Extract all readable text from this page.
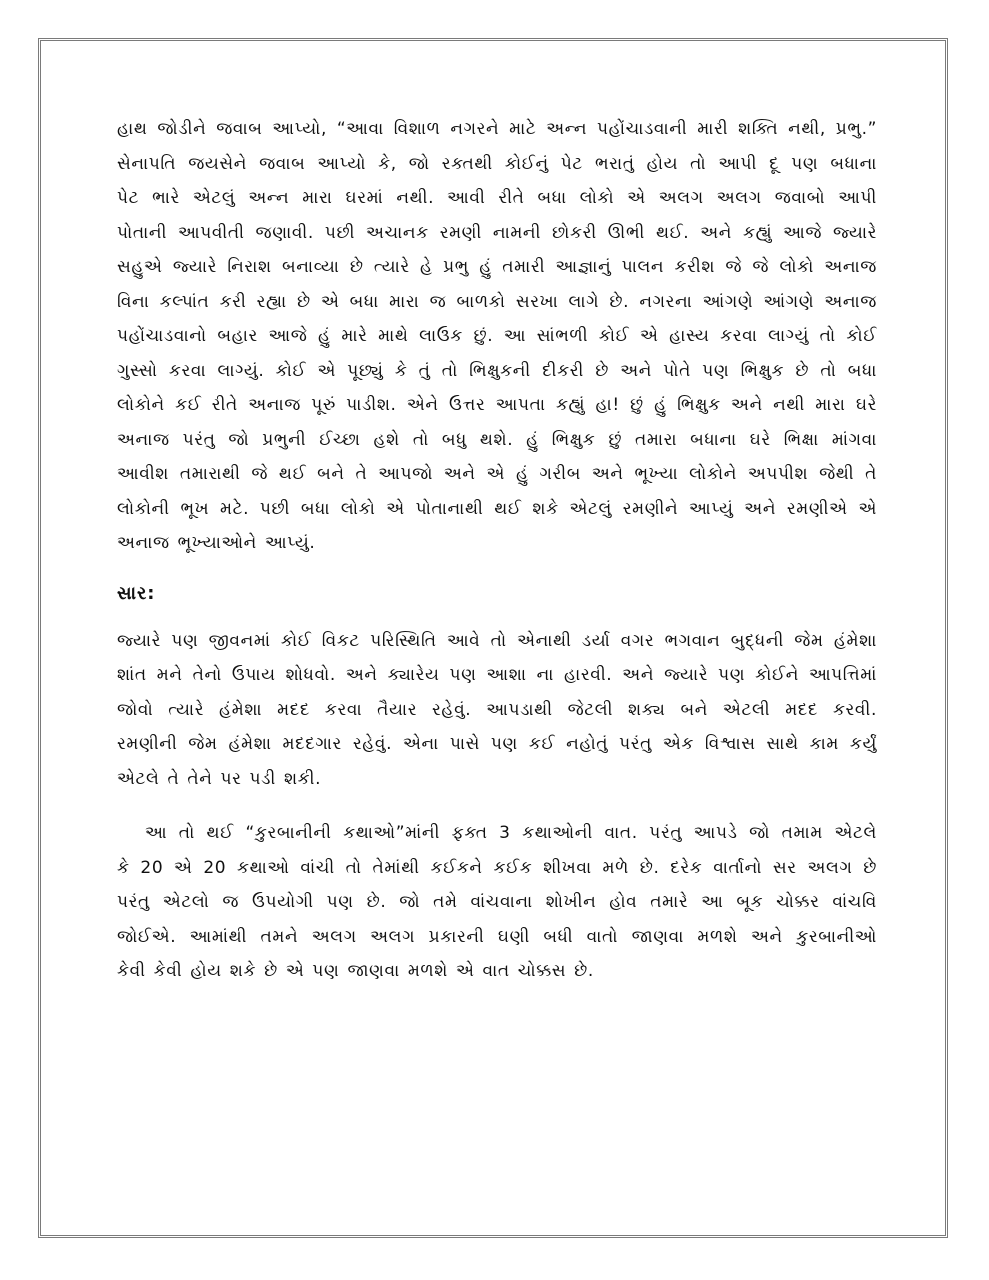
હાથ જોડીને જવાબ આપ્યો, “આવા વિશાળ નગરને માટે અન્ન પહોંચાડવાની મારી શક્તિ નથી, પ્રભુ.”
સેનાપતિ જયસેને જવાબ આપ્યો કે, જો રક્તથી કોઈનું પેટ ભરાતું હોય તો આપી દૂ પણ બધાના
પેટ ભારે એટલું અન્ન મારા ઘરમાં નથી. આવી રીતે બધા લોકો એ અલગ અલગ જવાબો આપી
પોતાની આપવીતી જણાવી. પછી અચાનક રમણી નામની છોકરી ઊભી થઈ. અને કહ્યું આજે જ્યારે
સહુએ જ્યારે નિરાશ બનાવ્યા છે ત્યારે હે પ્રભુ હું તમારી આજ્ઞાનું પાલન કરીશ જે જે લોકો અનાજ
વિના કલ્પાંત કરી રહ્યા છે એ બધા મારા જ બાળકો સરખા લાગે છે. નગરના આંગણે આંગણે અનાજ
પહોંચાડવાનો બહાર આજે હું મારે માથે લાઉક છું. આ સાંભળી કોઈ એ હાસ્ય કરવા લાગ્યું તો કોઈ
ગુસ્સો કરવા લાગ્યું. કોઈ એ પૂછ્યું કે તું તો ભિક્ષુકની દીકરી છે અને પોતે પણ ભિક્ષુક છે તો બધા
લોકોને કઈ રીતે અનાજ પૂરું પાડીશ. એને ઉત્તર આપતા કહ્યું હા! છું હું ભિક્ષુક અને નથી મારા ઘરે
અનાજ પરંતુ જો પ્રભુની ઈચ્છા હશે તો બધુ થશે. હું ભિક્ષુક છું તમારા બધાના ઘરે ભિક્ષા માંગવા
આવીશ તમારાથી જે થઈ બને તે આપજો અને એ હું ગરીબ અને ભૂખ્યા લોકોને અપપીશ જેથી તે
લોકોની ભૂખ મટે. પછી બધા લોકો એ પોતાનાથી થઈ શકે એટલું રમણીને આપ્યું અને રમણીએ એ
અનાજ ભૂખ્યાઓને આપ્યું.

સાર:

જ્યારે પણ જીવનમાં કોઈ વિકટ પરિસ્થિતિ આવે તો એનાથી ડર્યા વગર ભગવાન બુદ્ધની જેમ હંમેશા
શાંત મને તેનો ઉપાય શોધવો. અને ક્યારેય પણ આશા ના હારવી. અને જ્યારે પણ કોઈને આપત્તિમાં
જોવો ત્યારે હંમેશા મદદ કરવા તૈયાર રહેવું. આપડાથી જેટલી શક્ય બને એટલી મદદ કરવી.
રમણીની જેમ હંમેશા મદદગાર રહેવું. એના પાસે પણ કઈ નહોતું પરંતુ એક વિશ્વાસ સાથે કામ કર્યું
એટલે તે તેને પર પડી શકી.

આ તો થઈ “કુરબાનીની કથાઓ”માંની ફક્ત 3 કથાઓની વાત. પરંતુ આપડે જો તમામ એટલે
કે 20 એ 20 કથાઓ વાંચી તો તેમાંથી કઈકને કઈક શીખવા મળે છે. દરેક વાર્તાનો સર અલગ છે
પરંતુ એટલો જ ઉપયોગી પણ છે. જો તમે વાંચવાના શોખીન હોવ તમારે આ બૂક ચોક્કર વાંચવિ
જોઈએ. આમાંથી તમને અલગ અલગ પ્રકારની ઘણી બધી વાતો જાણવા મળશે અને કુરબાનીઓ
કેવી કેવી હોય શકે છે એ પણ જાણવા મળશે એ વાત ચોક્કસ છે.
